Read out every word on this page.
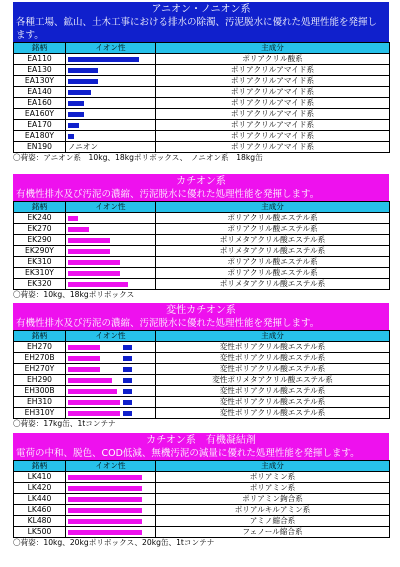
アニオン・ノニオン系
各種工場、鉱山、土木工事における排水の除濁、汚泥脱水に優れた処理性能を発揮します。
銘柄	イオン性	主成分
EA110		ポリアクリル酸系
EA130		ポリアクリルアマイド系
EA130Y		ポリアクリルアマイド系
EA140		ポリアクリルアマイド系
EA160		ポリアクリルアマイド系
EA160Y		ポリアクリルアマイド系
EA170		ポリアクリルアマイド系
EA180Y		ポリアクリルアマイド系
EN190	ノニオン	ポリアクリルアマイド系
〇荷姿：アニオン系　10kg、18kgポリボックス、　ノニオン系　18kg缶
カチオン系
有機性排水及び汚泥の濃縮、汚泥脱水に優れた処理性能を発揮します。
銘柄	イオン性	主成分
EK240		ポリアクリル酸エステル系
EK270		ポリアクリル酸エステル系
EK290		ポリメタアクリル酸エステル系
EK290Y		ポリメタアクリル酸エステル系
EK310		ポリアクリル酸エステル系
EK310Y		ポリアクリル酸エステル系
EK320		ポリメタアクリル酸エステル系
〇荷姿：10kg、18kgポリボックス
変性カチオン系
有機性排水及び汚泥の濃縮、汚泥脱水に優れた処理性能を発揮します。
銘柄	イオン性	主成分
EH270		変性ポリアクリル酸エステル系
EH270B		変性ポリアクリル酸エステル系
EH270Y		変性ポリアクリル酸エステル系
EH290		変性ポリメタアクリル酸エステル系
EH300B		変性ポリアクリル酸エステル系
EH310		変性ポリアクリル酸エステル系
EH310Y		変性ポリアクリル酸エステル系
〇荷姿：17kg缶、1tコンテナ
カチオン系　有機凝結剤
電荷の中和、脱色、COD低減、無機汚泥の減量に優れた処理性能を発揮します。
銘柄	イオン性	主成分
LK410		ポリアミン系
LK420		ポリアミン系
LK440		ポリアミン鉤合系
LK460		ポリアルキルアミン系
KL480		アミノ縮合系
LK500		フェノール縮合系
〇荷姿：10kg、20kgポリボックス、20kg缶、1tコンテナ
